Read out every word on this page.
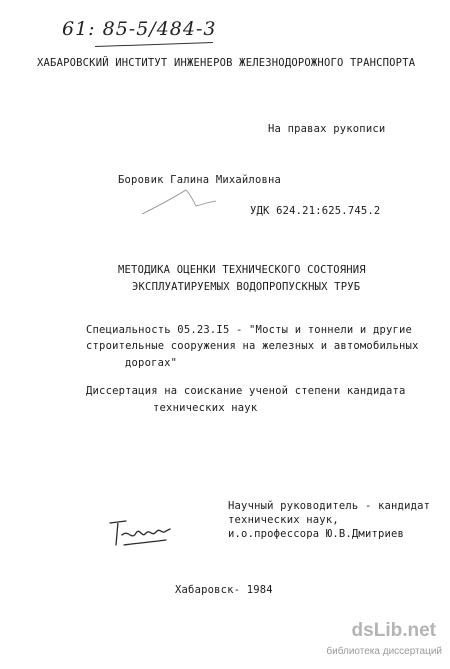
61: 85-5/484-3
ХАБАРОВСКИЙ ИНСТИТУТ ИНЖЕНЕРОВ ЖЕЛЕЗНОДОРОЖНОГО ТРАНСПОРТА
На правах рукописи
Боровик Галина Михайловна
УДК 624.21:625.745.2
МЕТОДИКА ОЦЕНКИ ТЕХНИЧЕСКОГО СОСТОЯНИЯ
ЭКСПЛУАТИРУЕМЫХ ВОДОПРОПУСКНЫХ ТРУБ
Специальность 05.23.I5 - "Мосты и тоннели и другие
строительные сооружения на железных и автомобильных
дорогах"
Диссертация на соискание ученой степени кандидата
технических наук
Научный руководитель - кандидат
технических наук,
и.о.профессора Ю.В.Дмитриев
Хабаровск- 1984
dsLib.net
библиотека диссертаций
